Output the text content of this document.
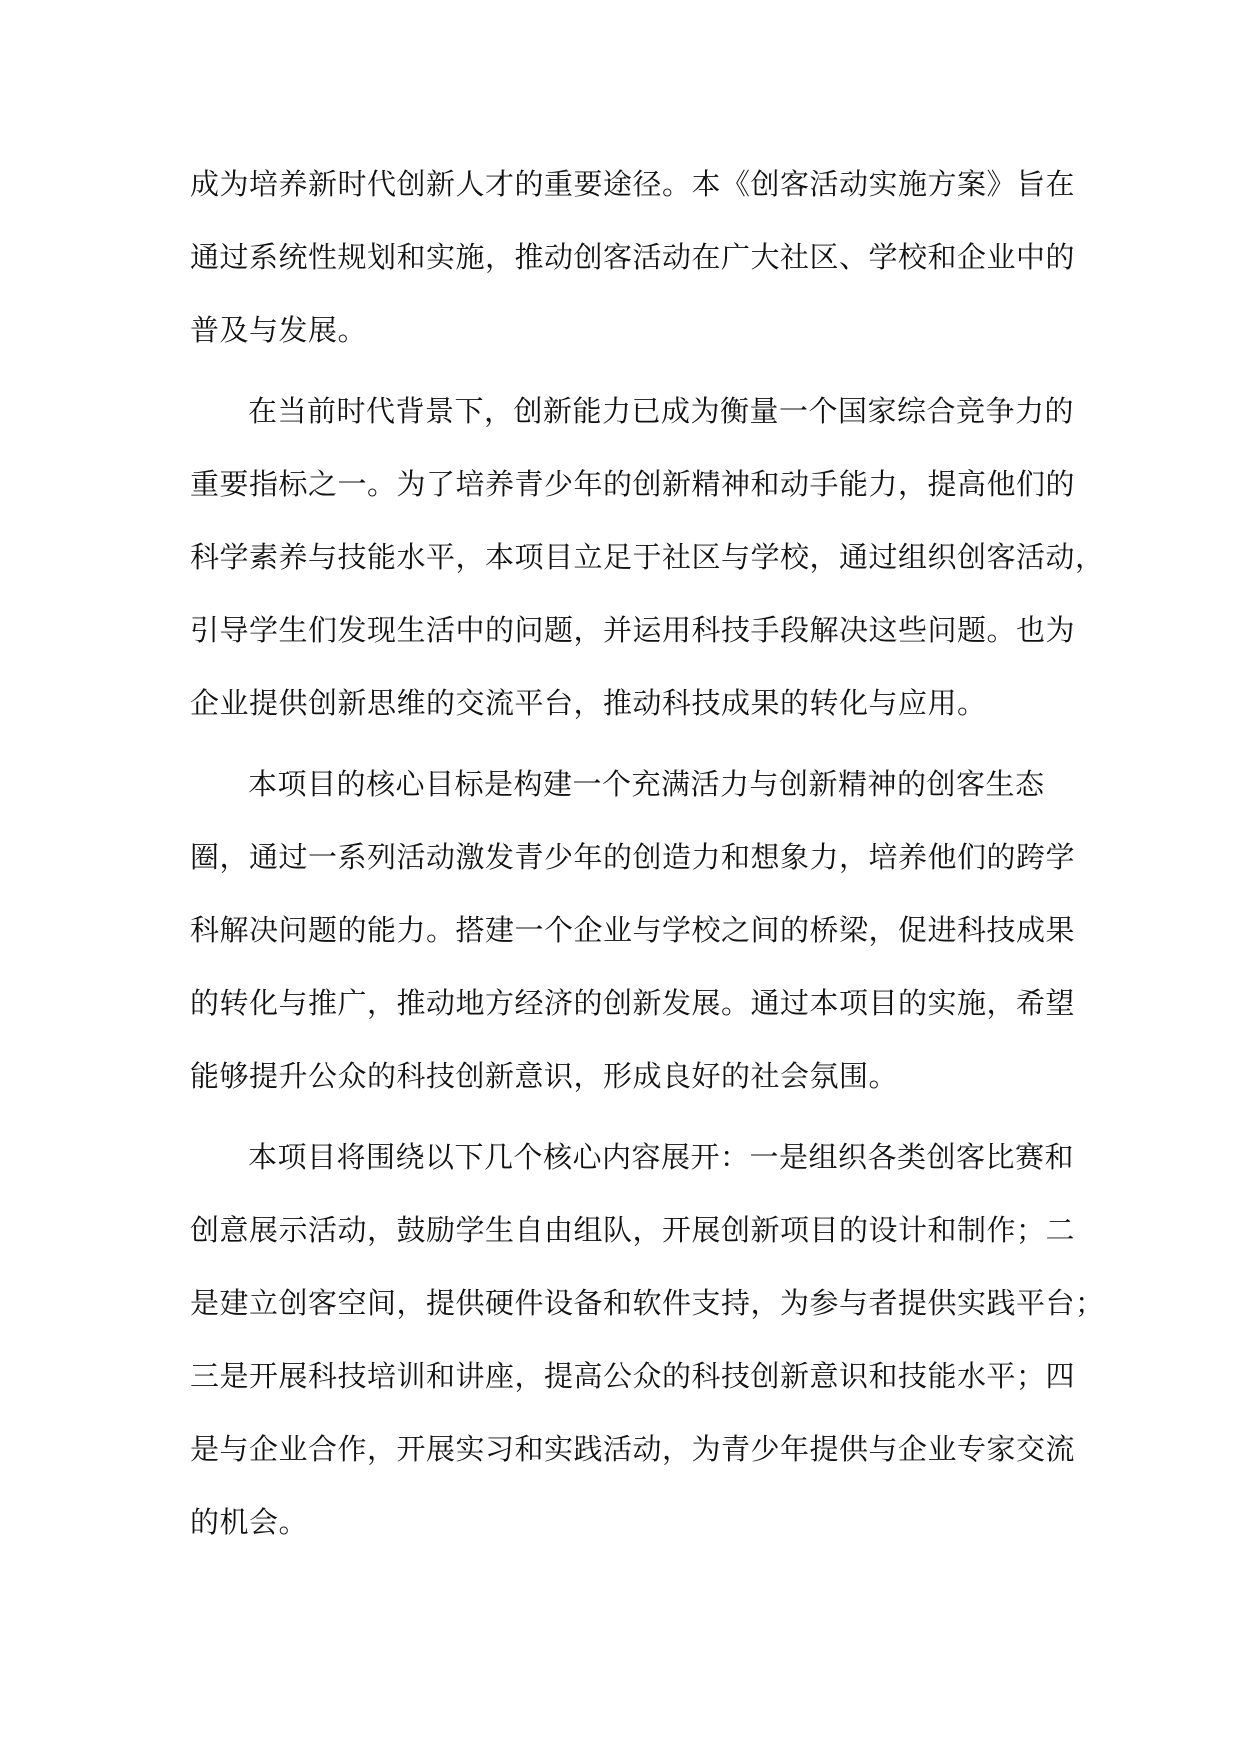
成为培养新时代创新人才的重要途径。本《创客活动实施方案》旨在
通过系统性规划和实施，推动创客活动在广大社区、学校和企业中的
普及与发展。

在当前时代背景下，创新能力已成为衡量一个国家综合竞争力的
重要指标之一。为了培养青少年的创新精神和动手能力，提高他们的
科学素养与技能水平，本项目立足于社区与学校，通过组织创客活动，
引导学生们发现生活中的问题，并运用科技手段解决这些问题。也为
企业提供创新思维的交流平台，推动科技成果的转化与应用。

本项目的核心目标是构建一个充满活力与创新精神的创客生态
圈，通过一系列活动激发青少年的创造力和想象力，培养他们的跨学
科解决问题的能力。搭建一个企业与学校之间的桥梁，促进科技成果
的转化与推广，推动地方经济的创新发展。通过本项目的实施，希望
能够提升公众的科技创新意识，形成良好的社会氛围。

本项目将围绕以下几个核心内容展开：一是组织各类创客比赛和
创意展示活动，鼓励学生自由组队，开展创新项目的设计和制作；二
是建立创客空间，提供硬件设备和软件支持，为参与者提供实践平台；
三是开展科技培训和讲座，提高公众的科技创新意识和技能水平；四
是与企业合作，开展实习和实践活动，为青少年提供与企业专家交流
的机会。
